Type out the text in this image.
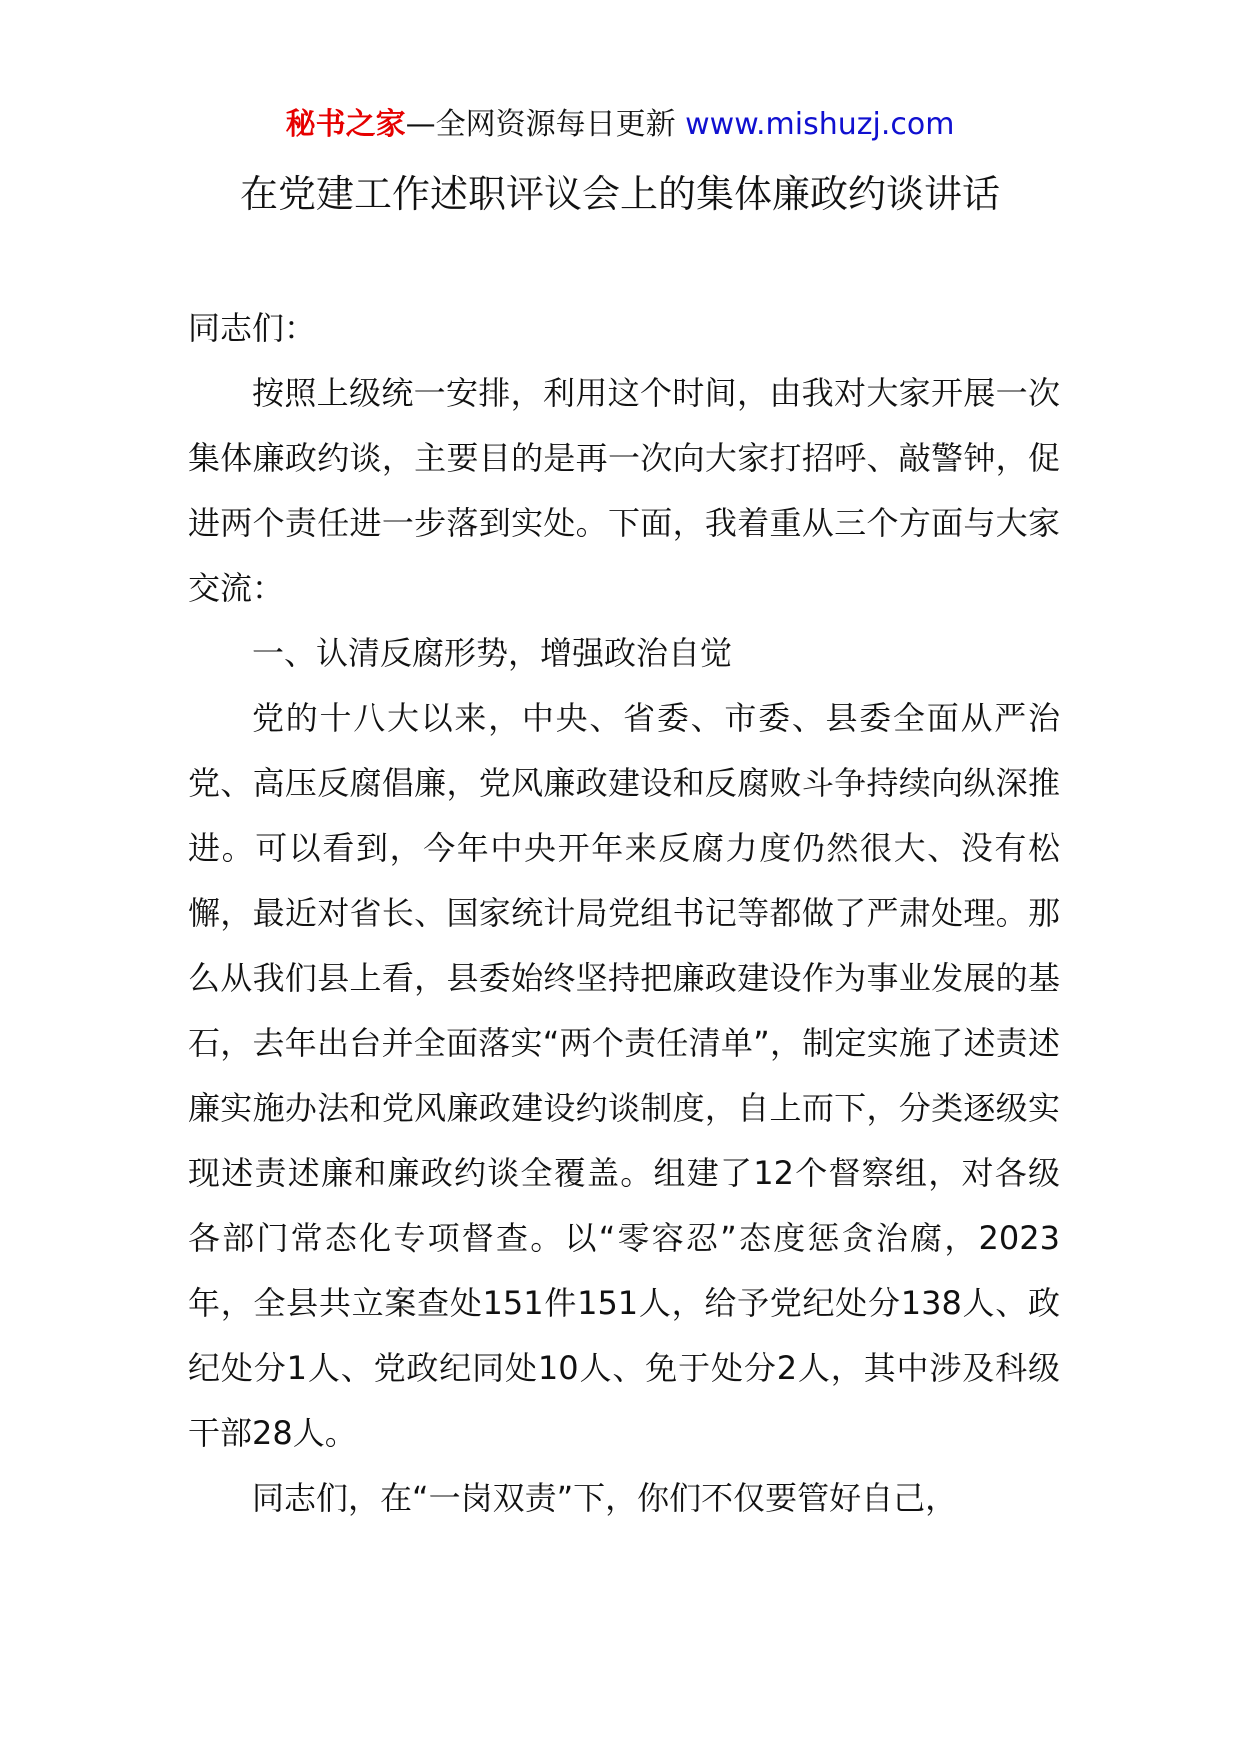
秘书之家—全网资源每日更新 www.mishuzj.com
在党建工作述职评议会上的集体廉政约谈讲话

同志们：

按照上级统一安排，利用这个时间，由我对大家开展一次集体廉政约谈，主要目的是再一次向大家打招呼、敲警钟，促进两个责任进一步落到实处。下面，我着重从三个方面与大家交流：

一、认清反腐形势，增强政治自觉

党的十八大以来，中央、省委、市委、县委全面从严治党、高压反腐倡廉，党风廉政建设和反腐败斗争持续向纵深推进。可以看到，今年中央开年来反腐力度仍然很大、没有松懈，最近对省长、国家统计局党组书记等都做了严肃处理。那么从我们县上看，县委始终坚持把廉政建设作为事业发展的基石，去年出台并全面落实“两个责任清单”，制定实施了述责述廉实施办法和党风廉政建设约谈制度，自上而下，分类逐级实现述责述廉和廉政约谈全覆盖。组建了12个督察组，对各级各部门常态化专项督查。以“零容忍”态度惩贪治腐，2023年，全县共立案查处151件151人，给予党纪处分138人、政纪处分1人、党政纪同处10人、免于处分2人，其中涉及科级干部28人。

同志们，在“一岗双责”下，你们不仅要管好自己，
